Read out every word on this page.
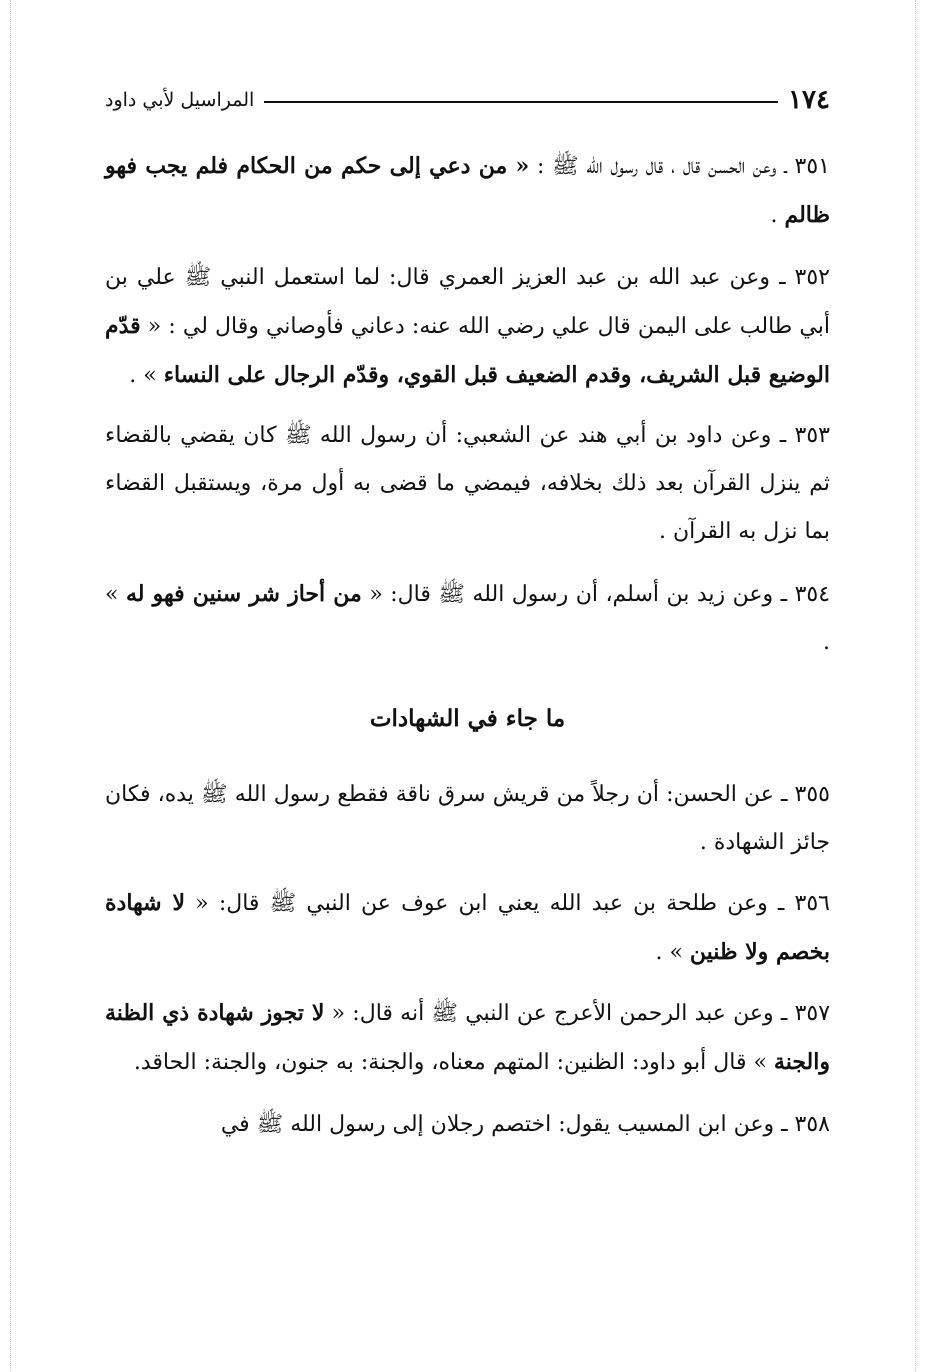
١٧٤
المراسيل لأبي داود

٣٥١ ـ وعن الحسن قال ، قال رسول الله ﷺ : « من دعي إلى حكم من الحكام فلم يجب فهو ظالم .

٣٥٢ ـ وعن عبد الله بن عبد العزيز العمري قال: لما استعمل النبي ﷺ علي بن أبي طالب على اليمن قال علي رضي الله عنه: دعاني فأوصاني وقال لي : « قدّم الوضيع قبل الشريف، وقدم الضعيف قبل القوي، وقدّم الرجال على النساء » .

٣٥٣ ـ وعن داود بن أبي هند عن الشعبي: أن رسول الله ﷺ كان يقضي بالقضاء ثم ينزل القرآن بعد ذلك بخلافه، فيمضي ما قضى به أول مرة، ويستقبل القضاء بما نزل به القرآن .

٣٥٤ ـ وعن زيد بن أسلم، أن رسول الله ﷺ قال: « من أحاز شر سنين فهو له » .

ما جاء في الشهادات

٣٥٥ ـ عن الحسن: أن رجلاً من قريش سرق ناقة فقطع رسول الله ﷺ يده، فكان جائز الشهادة .

٣٥٦ ـ وعن طلحة بن عبد الله يعني ابن عوف عن النبي ﷺ قال: « لا شهادة بخصم ولا ظنين » .

٣٥٧ ـ وعن عبد الرحمن الأعرج عن النبي ﷺ أنه قال: « لا تجوز شهادة ذي الظنة والجنة » قال أبو داود: الظنين: المتهم معناه، والجنة: به جنون، والجنة: الحاقد.

٣٥٨ ـ وعن ابن المسيب يقول: اختصم رجلان إلى رسول الله ﷺ في
